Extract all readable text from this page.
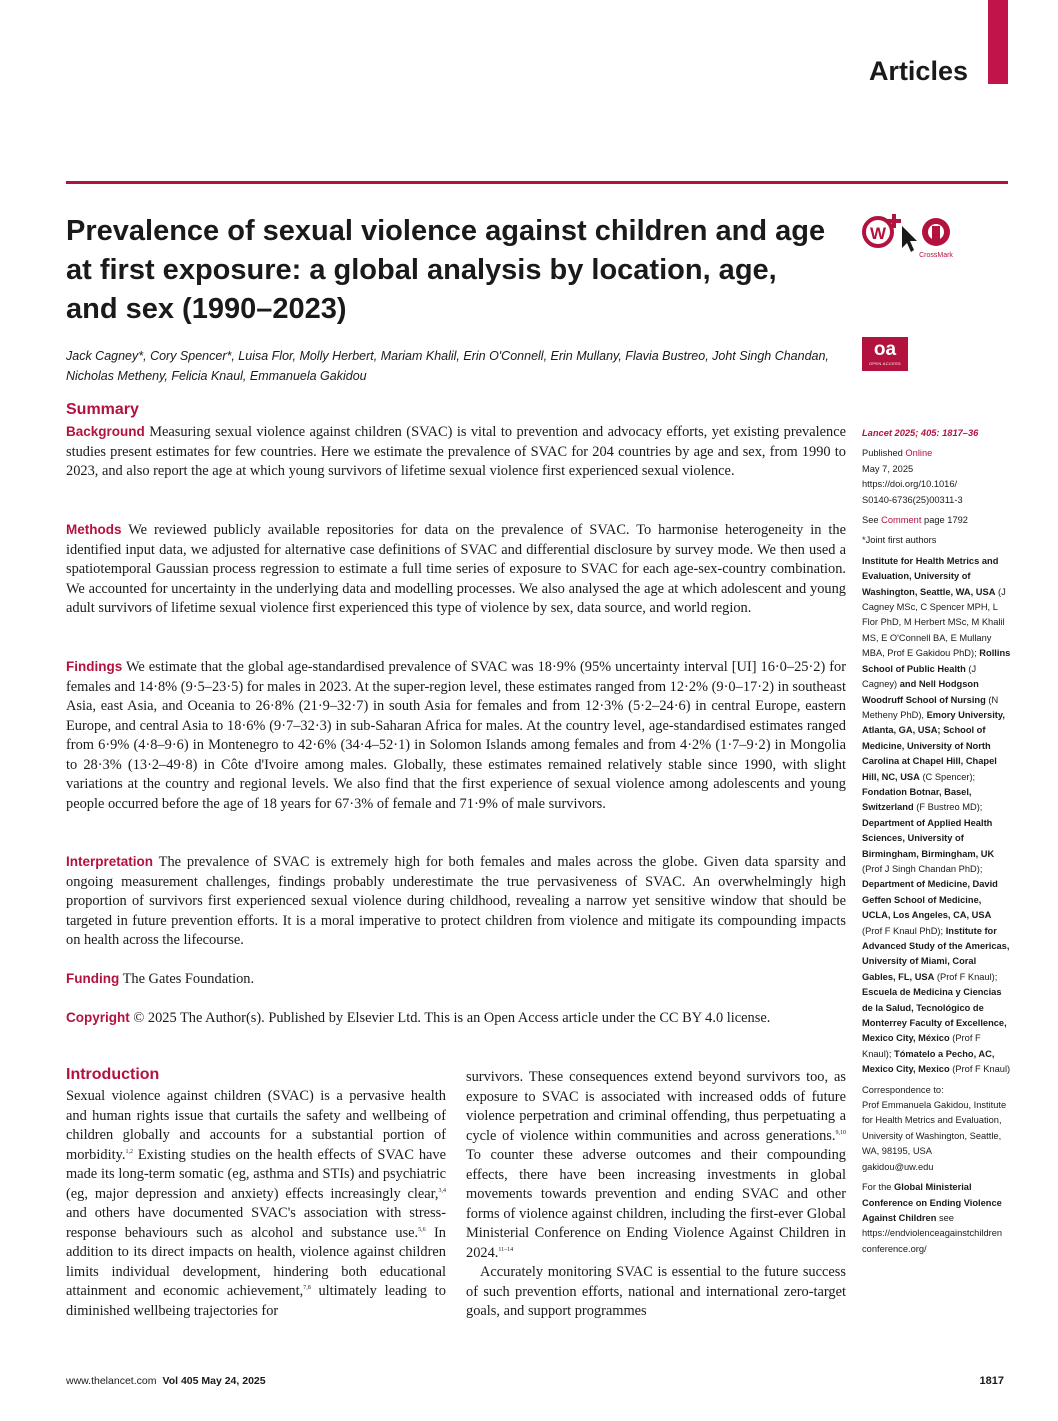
Articles
Prevalence of sexual violence against children and age at first exposure: a global analysis by location, age, and sex (1990–2023)
W
CrossMark
oa
OPEN ACCESS

Jack Cagney*, Cory Spencer*, Luisa Flor, Molly Herbert, Mariam Khalil, Erin O'Connell, Erin Mullany, Flavia Bustreo, Joht Singh Chandan, Nicholas Metheny, Felicia Knaul, Emmanuela Gakidou

Summary

Background Measuring sexual violence against children (SVAC) is vital to prevention and advocacy efforts, yet existing prevalence studies present estimates for few countries. Here we estimate the prevalence of SVAC for 204 countries by age and sex, from 1990 to 2023, and also report the age at which young survivors of lifetime sexual violence first experienced sexual violence.

Methods We reviewed publicly available repositories for data on the prevalence of SVAC. To harmonise heterogeneity in the identified input data, we adjusted for alternative case definitions of SVAC and differential disclosure by survey mode. We then used a spatiotemporal Gaussian process regression to estimate a full time series of exposure to SVAC for each age-sex-country combination. We accounted for uncertainty in the underlying data and modelling processes. We also analysed the age at which adolescent and young adult survivors of lifetime sexual violence first experienced this type of violence by sex, data source, and world region.

Findings We estimate that the global age-standardised prevalence of SVAC was 18·9% (95% uncertainty interval [UI] 16·0–25·2) for females and 14·8% (9·5–23·5) for males in 2023. At the super-region level, these estimates ranged from 12·2% (9·0–17·2) in southeast Asia, east Asia, and Oceania to 26·8% (21·9–32·7) in south Asia for females and from 12·3% (5·2–24·6) in central Europe, eastern Europe, and central Asia to 18·6% (9·7–32·3) in sub-Saharan Africa for males. At the country level, age-standardised estimates ranged from 6·9% (4·8–9·6) in Montenegro to 42·6% (34·4–52·1) in Solomon Islands among females and from 4·2% (1·7–9·2) in Mongolia to 28·3% (13·2–49·8) in Côte d'Ivoire among males. Globally, these estimates remained relatively stable since 1990, with slight variations at the country and regional levels. We also find that the first experience of sexual violence among adolescents and young people occurred before the age of 18 years for 67·3% of female and 71·9% of male survivors.

Interpretation The prevalence of SVAC is extremely high for both females and males across the globe. Given data sparsity and ongoing measurement challenges, findings probably underestimate the true pervasiveness of SVAC. An overwhelmingly high proportion of survivors first experienced sexual violence during childhood, revealing a narrow yet sensitive window that should be targeted in future prevention efforts. It is a moral imperative to protect children from violence and mitigate its compounding impacts on health across the lifecourse.

Funding The Gates Foundation.

Copyright © 2025 The Author(s). Published by Elsevier Ltd. This is an Open Access article under the CC BY 4.0 license.

Introduction

Sexual violence against children (SVAC) is a pervasive health and human rights issue that curtails the safety and wellbeing of children globally and accounts for a substantial portion of morbidity.$^{1,2}$ Existing studies on the health effects of SVAC have made its long-term somatic (eg, asthma and STIs) and psychiatric (eg, major depression and anxiety) effects increasingly clear,$^{3,4}$ and others have documented SVAC's association with stress-response behaviours such as alcohol and substance use.$^{5,6}$ In addition to its direct impacts on health, violence against children limits individual development, hindering both educational attainment and economic achievement,$^{7,8}$ ultimately leading to diminished wellbeing trajectories for

survivors. These consequences extend beyond survivors too, as exposure to SVAC is associated with increased odds of future violence perpetration and criminal offending, thus perpetuating a cycle of violence within communities and across generations.$^{9,10}$ To counter these adverse outcomes and their compounding effects, there have been increasing investments in global movements towards prevention and ending SVAC and other forms of violence against children, including the first-ever Global Ministerial Conference on Ending Violence Against Children in 2024.$^{11-14}$
Accurately monitoring SVAC is essential to the future success of such prevention efforts, national and international zero-target goals, and support programmes

Lancet 2025; 405: 1817–36

Published Online

May 7, 2025

https://doi.org/10.1016/

S0140-6736(25)00311-3

See Comment page 1792

*Joint first authors

Institute for Health Metrics and Evaluation, University of Washington, Seattle, WA, USA (J Cagney MSc, C Spencer MPH, L Flor PhD, M Herbert MSc, M Khalil MS, E O'Connell BA, E Mullany MBA, Prof E Gakidou PhD); Rollins School of Public Health (J Cagney) and Nell Hodgson Woodruff School of Nursing (N Metheny PhD), Emory University, Atlanta, GA, USA; School of Medicine, University of North Carolina at Chapel Hill, Chapel Hill, NC, USA (C Spencer); Fondation Botnar, Basel, Switzerland (F Bustreo MD); Department of Applied Health Sciences, University of Birmingham, Birmingham, UK (Prof J Singh Chandan PhD); Department of Medicine, David Geffen School of Medicine, UCLA, Los Angeles, CA, USA (Prof F Knaul PhD); Institute for Advanced Study of the Americas, University of Miami, Coral Gables, FL, USA (Prof F Knaul); Escuela de Medicina y Ciencias de la Salud, Tecnológico de Monterrey Faculty of Excellence, Mexico City, México (Prof F Knaul); Tómatelo a Pecho, AC, Mexico City, Mexico (Prof F Knaul)

Correspondence to:

Prof Emmanuela Gakidou, Institute for Health Metrics and Evaluation, University of Washington, Seattle, WA, 98195, USA

gakidou@uw.edu

For the Global Ministerial Conference on Ending Violence Against Children see https://endviolenceagainstchildren conference.org/

www.thelancet.com Vol 405 May 24, 2025	1817
